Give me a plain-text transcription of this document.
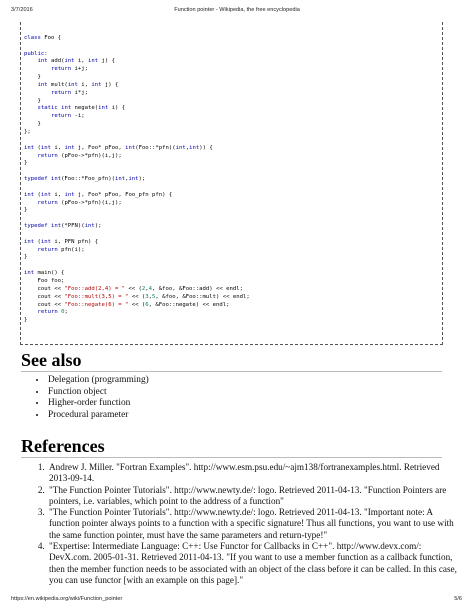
3/7/2016	Function pointer - Wikipedia, the free encyclopedia

class Foo {

public:
int add(int i, int j) {
return i+j;
}
int mult(int i, int j) {
return i*j;
}
static int negate(int i) {
return -i;
}
};

int (int i, int j, Foo* pFoo, int(Foo::*pfn)(int,int)) {
return (pFoo->*pfn)(i,j);
}

typedef int(Foo::*Foo_pfn)(int,int);

int (int i, int j, Foo* pFoo, Foo_pfn pfn) {
return (pFoo->*pfn)(i,j);
}

typedef int(*PFN)(int);

int (int i, PFN pfn) {
return pfn(i);
}

int main() {
Foo foo;
cout << "Foo::add(2,4) = " << (2,4, &foo, &Foo::add) << endl;
cout << "Foo::mult(3,5) = " << (3,5, &foo, &Foo::mult) << endl;
cout << "Foo::negate(6) = " << (6, &Foo::negate) << endl;
return 0;
}

See also
• Delegation (programming)
• Function object
• Higher-order function
• Procedural parameter
References
1. Andrew J. Miller. "Fortran Examples". http://www.esm.psu.edu/~ajm138/fortranexamples.html. Retrieved 2013-09-14.
2. "The Function Pointer Tutorials". http://www.newty.de/: logo. Retrieved 2011-04-13. "Function Pointers are pointers, i.e. variables, which point to the address of a function"
3. "The Function Pointer Tutorials". http://www.newty.de/: logo. Retrieved 2011-04-13. "Important note: A function pointer always points to a function with a specific signature! Thus all functions, you want to use with the same function pointer, must have the same parameters and return-type!"
4. "Expertise: Intermediate Language: C++: Use Functor for Callbacks in C++". http://www.devx.com/: DevX.com. 2005-01-31. Retrieved 2011-04-13. "If you want to use a member function as a callback function, then the member function needs to be associated with an object of the class before it can be called. In this case, you can use functor [with an example on this page]."
https://en.wikipedia.org/wiki/Function_pointer	5/6
